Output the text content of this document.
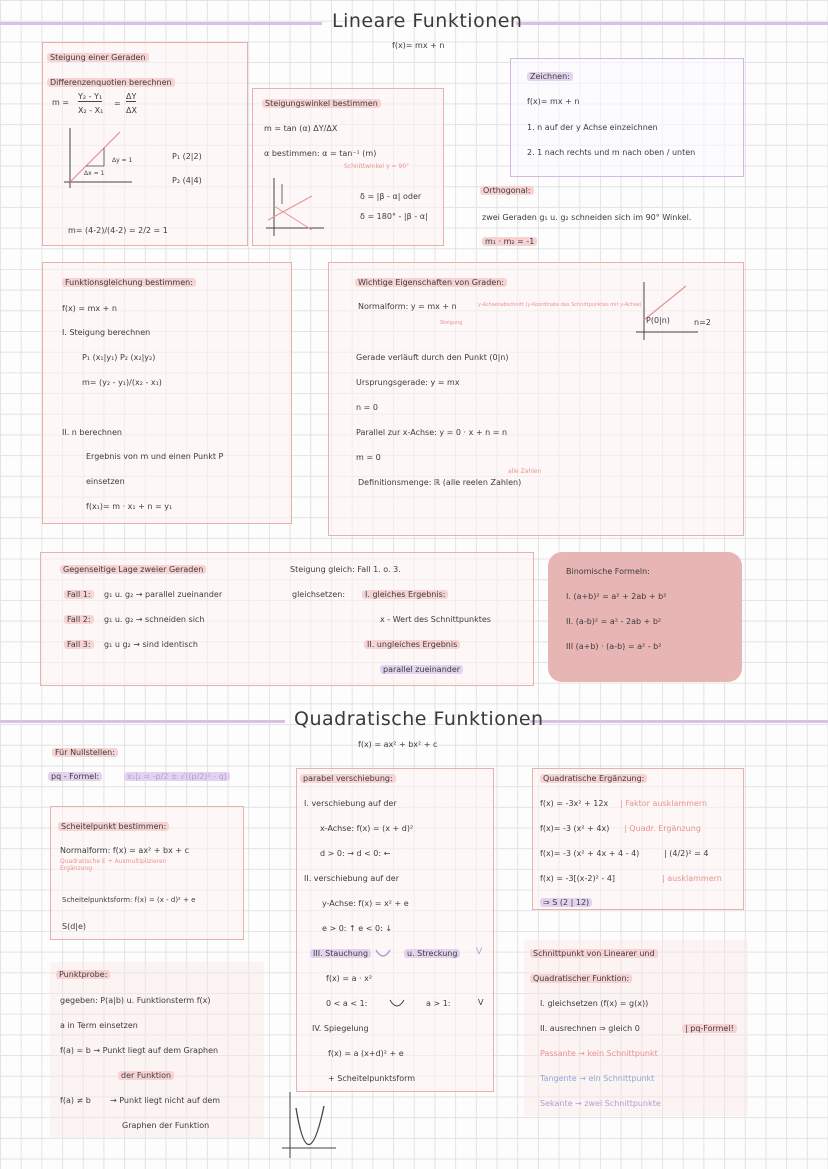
Lineare Funktionen
f(x)= mx + n
Steigung einer Geraden
Differenzenquotien berechnen
m =
Y₂ - Y₁
X₂ - X₁
=
ΔY
ΔX
Δy = 1
Δx = 1
P₁ (2|2)
P₂ (4|4)
m= (4-2)/(4-2) = 2/2 = 1
Steigungswinkel bestimmen
m = tan (α) ΔY/ΔX
α bestimmen: α = tan⁻¹ (m)
Schnittwinkel γ = 90°
δ = |β - α| oder
δ = 180° - |β - α|
Zeichnen:
f(x)= mx + n
1. n auf der y Achse einzeichnen
2. 1 nach rechts und m nach oben / unten
Orthogonal:
zwei Geraden g₁ u. g₂ schneiden sich im 90° Winkel.
m₁ · m₂ = -1
Funktionsgleichung bestimmen:
f(x) = mx + n
I. Steigung berechnen
P₁ (x₁|y₁) P₂ (x₂|y₂)
m= (y₂ - y₁)/(x₂ - x₁)
II. n berechnen
Ergebnis von m und einen Punkt P
einsetzen
f(x₁)= m · x₁ + n = y₁
Wichtige Eigenschaften von Graden:
Normalform: y = mx + n	y-Achsenabschnitt (y-Koordinate des Schnittpunktes mit y-Achse)
Steigung
Gerade verläuft durch den Punkt (0|n)
Ursprungsgerade: y = mx
n = 0
Parallel zur x-Achse: y = 0 · x + n = n
m = 0
alle Zahlen
Definitionsmenge: ℝ (alle reelen Zahlen)
P(0|n)	n=2
Gegenseitige Lage zweier Geraden
Fall 1:	g₁ u. g₂ → parallel zueinander
Fall 2:	g₁ u. g₂ → schneiden sich
Fall 3:	g₁ u g₂ → sind identisch
Steigung gleich: Fall 1. o. 3.
gleichsetzen:	I. gleiches Ergebnis:
x - Wert des Schnittpunktes
II. ungleiches Ergebnis
parallel zueinander
Binomische Formeln:
I. (a+b)² = a² + 2ab + b²
II. (a-b)² = a² - 2ab + b²
III (a+b) · (a-b) = a² - b²
Quadratische Funktionen
f(x) = ax² + bx² + c
Für Nullstellen:
pq - Formel:	x₁|₂ = -p/2 ± √((p/2)² - q)
Scheitelpunkt bestimmen:
Normalform: f(x) = ax² + bx + c
Quadratische E + Ausmultiplizieren Ergänzung
Scheitelpunktsform: f(x) = (x - d)² + e
S(d|e)
Punktprobe:
gegeben: P(a|b) u. Funktionsterm f(x)
a in Term einsetzen
f(a) = b → Punkt liegt auf dem Graphen
der Funktion
f(a) ≠ b → Punkt liegt nicht auf dem
Graphen der Funktion
parabel verschiebung:
I. verschiebung auf der
x-Achse: f(x) = (x + d)²
d > 0: → d < 0: ←
II. verschiebung auf der
y-Achse: f(x) = x² + e
e > 0: ↑ e < 0: ↓
III. Stauchung	u. Streckung	V
f(x) = a · x²
0 < a < 1:	a > 1:	V
IV. Spiegelung
f(x) = a (x+d)² + e
+ Scheitelpunktsform
Quadratische Ergänzung:
f(x) = -3x² + 12x | Faktor ausklammern
f(x)= -3 (x² + 4x) | Quadr. Ergänzung
f(x)= -3 (x² + 4x + 4 - 4)	| (4/2)² = 4
f(x) = -3[(x-2)² - 4]	| ausklammern
⇒ S (2 | 12)
Schnittpunkt von Linearer und
Quadratischer Funktion:
I. gleichsetzen (f(x) = g(x))
II. ausrechnen ⇒ gleich 0	| pq-Formel!
Passante → kein Schnittpunkt
Tangente → ein Schnittpunkt
Sekante → zwei Schnittpunkte
